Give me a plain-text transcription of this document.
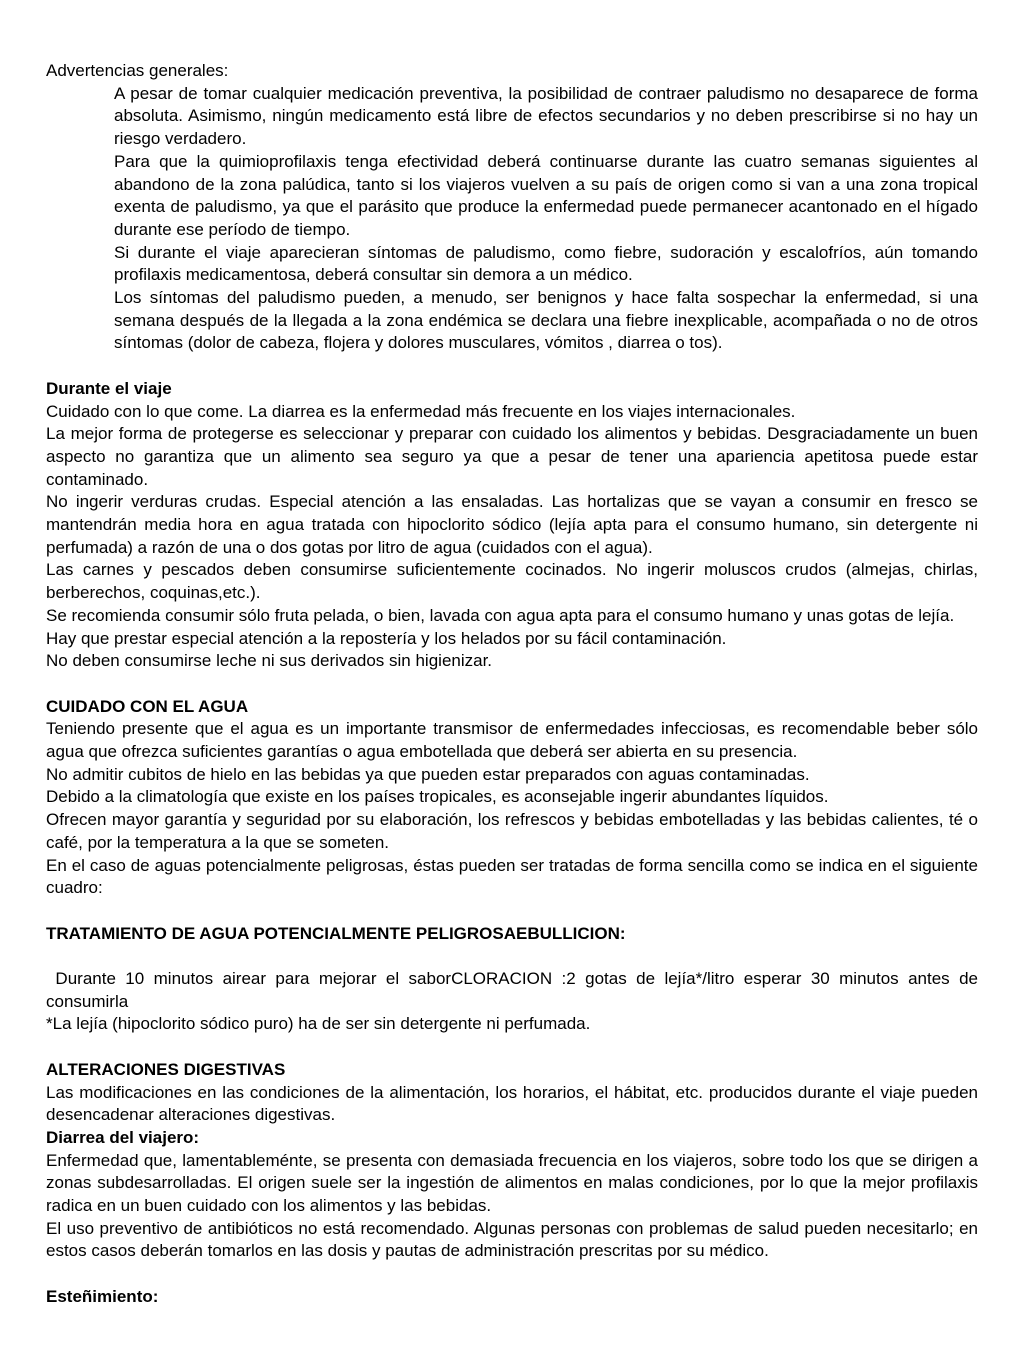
Advertencias generales:

A pesar de tomar cualquier medicación preventiva, la posibilidad de contraer paludismo no desaparece de forma absoluta. Asimismo, ningún medicamento está libre de efectos secundarios y no deben prescribirse si no hay un riesgo verdadero.

Para que la quimioprofilaxis tenga efectividad deberá continuarse durante las cuatro semanas siguientes al abandono de la zona palúdica, tanto si los viajeros vuelven a su país de origen como si van a una zona tropical exenta de paludismo, ya que el parásito que produce la enfermedad puede permanecer acantonado en el hígado durante ese período de tiempo.

Si durante el viaje aparecieran síntomas de paludismo, como fiebre, sudoración y escalofríos, aún tomando profilaxis medicamentosa, deberá consultar sin demora a un médico.

Los síntomas del paludismo pueden, a menudo, ser benignos y hace falta sospechar la enfermedad, si una semana después de la llegada a la zona endémica se declara una fiebre inexplicable, acompañada o no de otros síntomas (dolor de cabeza, flojera y dolores musculares, vómitos , diarrea o tos).

Durante el viaje

Cuidado con lo que come. La diarrea es la enfermedad más frecuente en los viajes internacionales.

La mejor forma de protegerse es seleccionar y preparar con cuidado los alimentos y bebidas. Desgraciadamente un buen aspecto no garantiza que un alimento sea seguro ya que a pesar de tener una apariencia apetitosa puede estar contaminado.

No ingerir verduras crudas. Especial atención a las ensaladas. Las hortalizas que se vayan a consumir en fresco se mantendrán media hora en agua tratada con hipoclorito sódico (lejía apta para el consumo humano, sin detergente ni perfumada) a razón de una o dos gotas por litro de agua (cuidados con el agua).

Las carnes y pescados deben consumirse suficientemente cocinados. No ingerir moluscos crudos (almejas, chirlas, berberechos, coquinas,etc.).

Se recomienda consumir sólo fruta pelada, o bien, lavada con agua apta para el consumo humano y unas gotas de lejía.

Hay que prestar especial atención a la repostería y los helados por su fácil contaminación.

No deben consumirse leche ni sus derivados sin higienizar.

CUIDADO CON EL AGUA

Teniendo presente que el agua es un importante transmisor de enfermedades infecciosas, es recomendable beber sólo agua que ofrezca suficientes garantías o agua embotellada que deberá ser abierta en su presencia.

No admitir cubitos de hielo en las bebidas ya que pueden estar preparados con aguas contaminadas.

Debido a la climatología que existe en los países tropicales, es aconsejable ingerir abundantes líquidos.

Ofrecen mayor garantía y seguridad por su elaboración, los refrescos y bebidas embotelladas y las bebidas calientes, té o café, por la temperatura a la que se someten.

En el caso de aguas potencialmente peligrosas, éstas pueden ser tratadas de forma sencilla como se indica en el siguiente cuadro:

TRATAMIENTO DE AGUA POTENCIALMENTE PELIGROSAEBULLICION:

Durante 10 minutos airear para mejorar el saborCLORACION :2 gotas de lejía*/litro esperar 30 minutos antes de consumirla

*La lejía (hipoclorito sódico puro) ha de ser sin detergente ni perfumada.

ALTERACIONES DIGESTIVAS

Las modificaciones en las condiciones de la alimentación, los horarios, el hábitat, etc. producidos durante el viaje pueden desencadenar alteraciones digestivas.

Diarrea del viajero:

Enfermedad que, lamentableménte, se presenta con demasiada frecuencia en los viajeros, sobre todo los que se dirigen a zonas subdesarrolladas. El origen suele ser la ingestión de alimentos en malas condiciones, por lo que la mejor profilaxis radica en un buen cuidado con los alimentos y las bebidas.

El uso preventivo de antibióticos no está recomendado. Algunas personas con problemas de salud pueden necesitarlo; en estos casos deberán tomarlos en las dosis y pautas de administración prescritas por su médico.

Esteñimiento:
